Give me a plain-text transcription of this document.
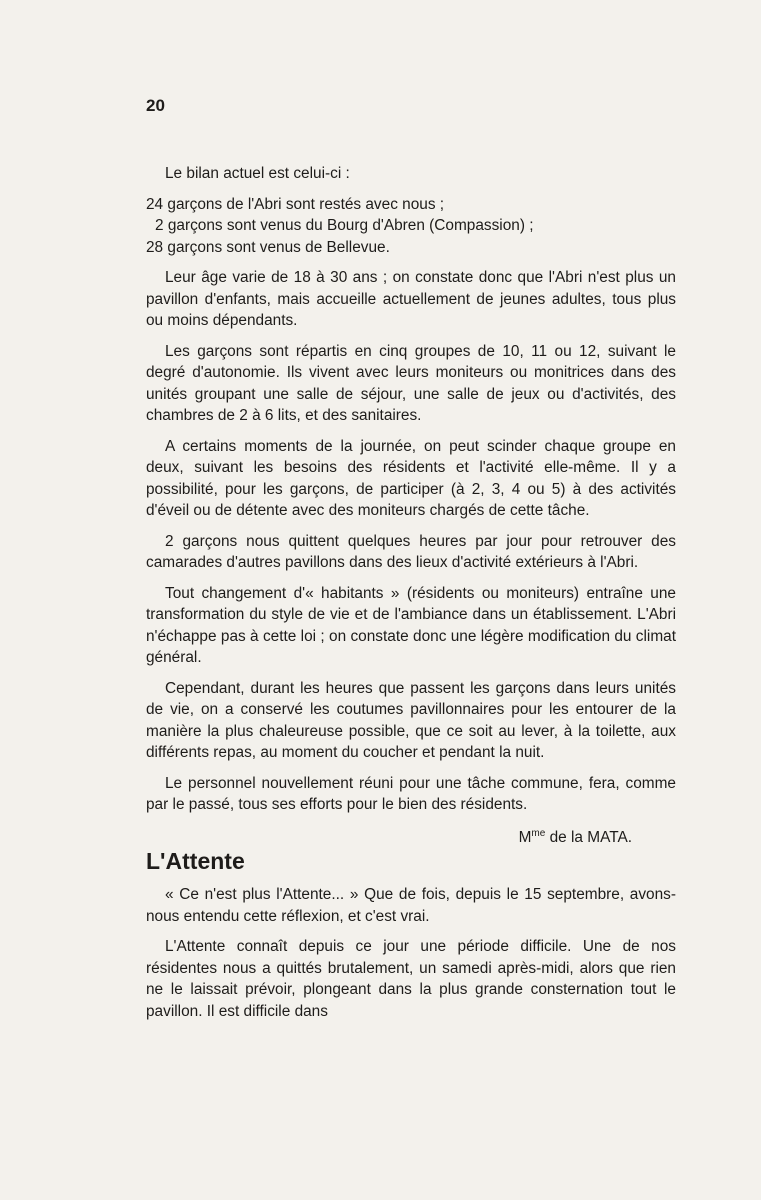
20

Le bilan actuel est celui-ci :

24 garçons de l'Abri sont restés avec nous ;

2 garçons sont venus du Bourg d'Abren (Compassion) ;

28 garçons sont venus de Bellevue.

Leur âge varie de 18 à 30 ans ; on constate donc que l'Abri n'est plus un pavillon d'enfants, mais accueille actuellement de jeunes adultes, tous plus ou moins dépendants.

Les garçons sont répartis en cinq groupes de 10, 11 ou 12, suivant le degré d'autonomie. Ils vivent avec leurs moniteurs ou monitrices dans des unités groupant une salle de séjour, une salle de jeux ou d'activités, des chambres de 2 à 6 lits, et des sanitaires.

A certains moments de la journée, on peut scinder chaque groupe en deux, suivant les besoins des résidents et l'activité elle-même. Il y a possibilité, pour les garçons, de participer (à 2, 3, 4 ou 5) à des activités d'éveil ou de détente avec des moniteurs chargés de cette tâche.

2 garçons nous quittent quelques heures par jour pour retrouver des camarades d'autres pavillons dans des lieux d'activité extérieurs à l'Abri.

Tout changement d'« habitants » (résidents ou moniteurs) entraîne une transformation du style de vie et de l'ambiance dans un établissement. L'Abri n'échappe pas à cette loi ; on constate donc une légère modification du climat général.

Cependant, durant les heures que passent les garçons dans leurs unités de vie, on a conservé les coutumes pavillonnaires pour les entourer de la manière la plus chaleureuse possible, que ce soit au lever, à la toilette, aux différents repas, au moment du coucher et pendant la nuit.

Le personnel nouvellement réuni pour une tâche commune, fera, comme par le passé, tous ses efforts pour le bien des résidents.

$M^{me}$ de la MATA.
L'Attente

« Ce n'est plus l'Attente... » Que de fois, depuis le 15 septembre, avons-nous entendu cette réflexion, et c'est vrai.

L'Attente connaît depuis ce jour une période difficile. Une de nos résidentes nous a quittés brutalement, un samedi après-midi, alors que rien ne le laissait prévoir, plongeant dans la plus grande consternation tout le pavillon. Il est difficile dans
